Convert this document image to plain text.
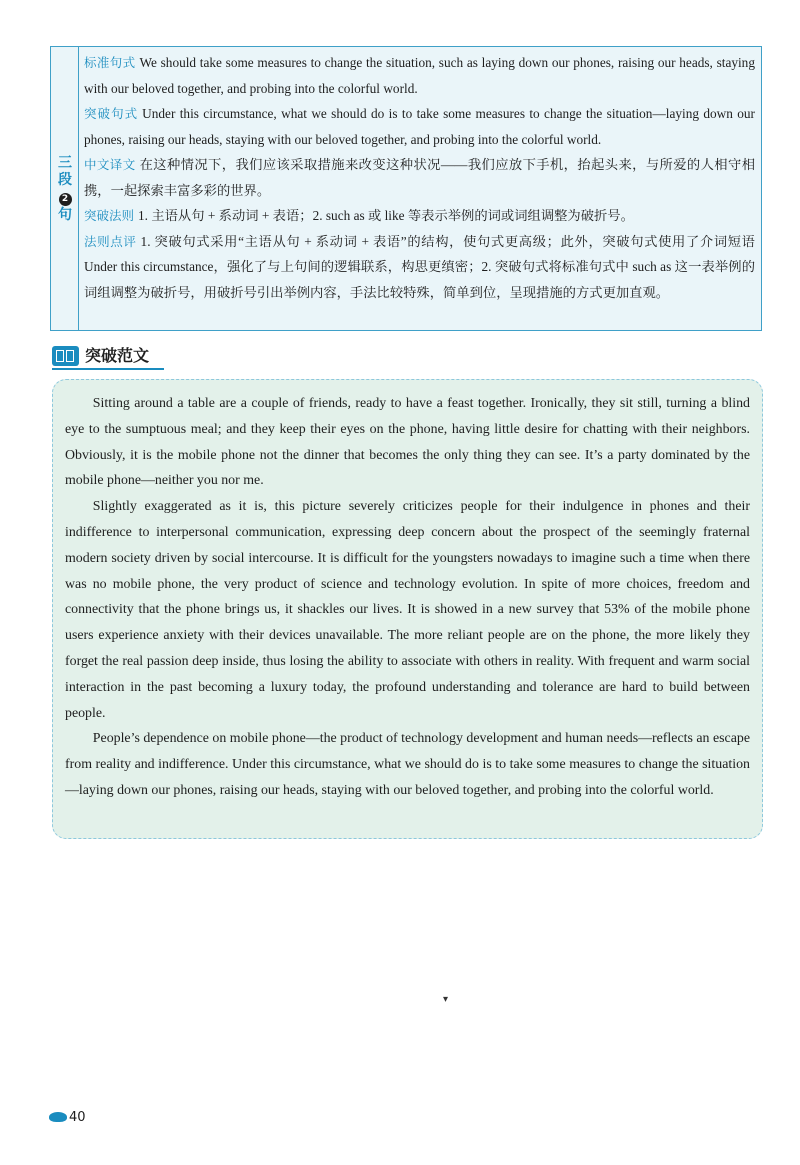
三
段
2
句

标准句式 We should take some measures to change the situation, such as laying down our phones, raising our heads, staying with our beloved together, and probing into the colorful world.

突破句式 Under this circumstance, what we should do is to take some measures to change the situation—laying down our phones, raising our heads, staying with our beloved together, and probing into the colorful world.

中文译文 在这种情况下，我们应该采取措施来改变这种状况——我们应放下手机，抬起头来，与所爱的人相守相携，一起探索丰富多彩的世界。

突破法则 1. 主语从句 + 系动词 + 表语；2. such as 或 like 等表示举例的词或词组调整为破折号。

法则点评 1. 突破句式采用“主语从句 + 系动词 + 表语”的结构，使句式更高级；此外，突破句式使用了介词短语 Under this circumstance，强化了与上句间的逻辑联系，构思更缜密；2. 突破句式将标准句式中 such as 这一表举例的词组调整为破折号，用破折号引出举例内容，手法比较特殊，简单到位，呈现措施的方式更加直观。

突破范文

Sitting around a table are a couple of friends, ready to have a feast together. Ironically, they sit still, turning a blind eye to the sumptuous meal; and they keep their eyes on the phone, having little desire for chatting with their neighbors. Obviously, it is the mobile phone not the dinner that becomes the only thing they can see. It’s a party dominated by the mobile phone—neither you nor me.

Slightly exaggerated as it is, this picture severely criticizes people for their indulgence in phones and their indifference to interpersonal communication, expressing deep concern about the prospect of the seemingly fraternal modern society driven by social intercourse. It is difficult for the youngsters nowadays to imagine such a time when there was no mobile phone, the very product of science and technology evolution. In spite of more choices, freedom and connectivity that the phone brings us, it shackles our lives. It is showed in a new survey that 53% of the mobile phone users experience anxiety with their devices unavailable. The more reliant people are on the phone, the more likely they forget the real passion deep inside, thus losing the ability to associate with others in reality. With frequent and warm social interaction in the past becoming a luxury today, the profound understanding and tolerance are hard to build between people.

People’s dependence on mobile phone—the product of technology development and human needs—reflects an escape from reality and indifference. Under this circumstance, what we should do is to take some measures to change the situation—laying down our phones, raising our heads, staying with our beloved together, and probing into the colorful world.

▾
40
